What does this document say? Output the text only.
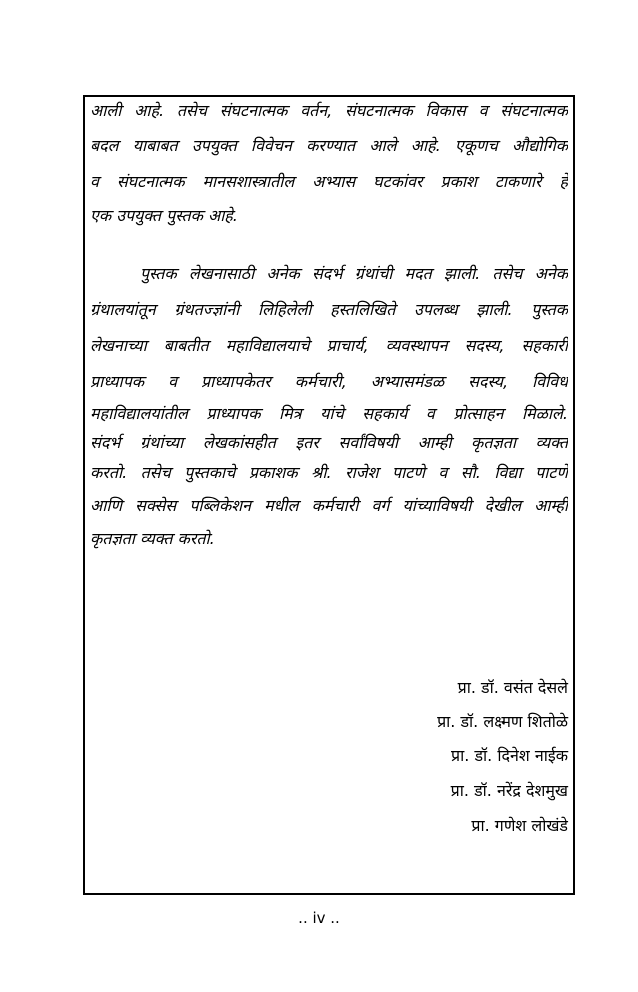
आली आहे. तसेच संघटनात्मक वर्तन, संघटनात्मक विकास व संघटनात्मक
बदल याबाबत उपयुक्त विवेचन करण्यात आले आहे. एकूणच औद्योगिक
व संघटनात्मक मानसशास्त्रातील अभ्यास घटकांवर प्रकाश टाकणारे हे
एक उपयुक्त पुस्तक आहे.
पुस्तक लेखनासाठी अनेक संदर्भ ग्रंथांची मदत झाली. तसेच अनेक
ग्रंथालयांतून ग्रंथतज्ज्ञांनी लिहिलेली हस्तलिखिते उपलब्ध झाली. पुस्तक
लेखनाच्या बाबतीत महाविद्यालयाचे प्राचार्य, व्यवस्थापन सदस्य, सहकारी
प्राध्यापक व प्राध्यापकेतर कर्मचारी, अभ्यासमंडळ सदस्य, विविध
महाविद्यालयांतील प्राध्यापक मित्र यांचे सहकार्य व प्रोत्साहन मिळाले.
संदर्भ ग्रंथांच्या लेखकांसहीत इतर सर्वांविषयी आम्ही कृतज्ञता व्यक्त
करतो. तसेच पुस्तकाचे प्रकाशक श्री. राजेश पाटणे व सौ. विद्या पाटणे
आणि सक्सेस पब्लिकेशन मधील कर्मचारी वर्ग यांच्याविषयी देखील आम्ही
कृतज्ञता व्यक्त करतो.
प्रा. डॉ. वसंत देसले
प्रा. डॉ. लक्ष्मण शितोळे
प्रा. डॉ. दिनेश नाईक
प्रा. डॉ. नरेंद्र देशमुख
प्रा. गणेश लोखंडे
.. iv ..
